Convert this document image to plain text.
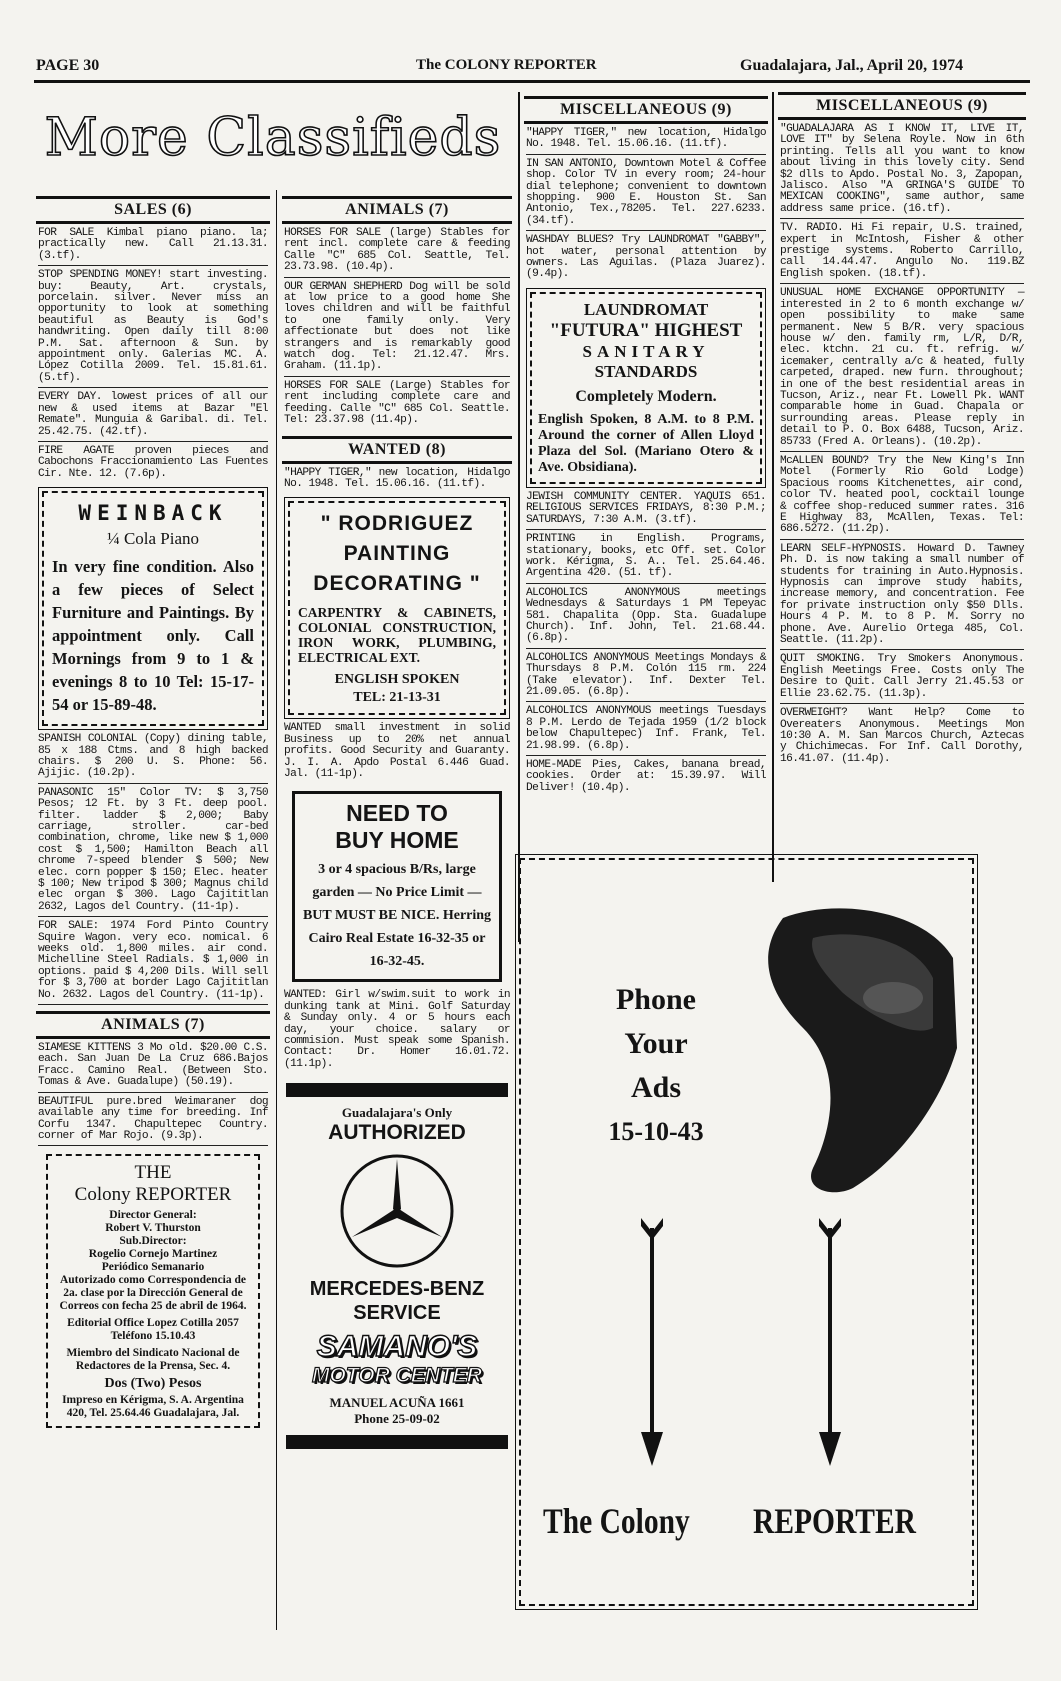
PAGE 30	The COLONY REPORTER	Guadalajara, Jal., April 20, 1974
More Classifieds
SALES (6)
FOR SALE Kimbal piano piano. la; practically new. Call 21.13.31. (3.tf).
STOP SPENDING MONEY! start investing. buy: Beauty, Art. crystals, porcelain. silver. Never miss an opportunity to look at something beautiful as Beauty is God's handwriting. Open daily till 8:00 P.M. Sat. afternoon & Sun. by appointment only. Galerias MC. A. López Cotilla 2009. Tel. 15.81.61. (5.tf).
EVERY DAY. lowest prices of all our new & used items at Bazar "El Remate". Munguia & Garibal. di. Tel. 25.42.75. (42.tf).
FIRE AGATE proven pieces and Cabochons Fraccionamiento Las Fuentes Cir. Nte. 12. (7.6p).
WEINBACK
¼ Cola Piano
In very fine condition. Also a few pieces of Select Furniture and Paintings. By appointment only. Call Mornings from 9 to 1 & evenings 8 to 10 Tel: 15-17-54 or 15-89-48.
SPANISH COLONIAL (Copy) dining table, 85 x 188 Ctms. and 8 high backed chairs. $ 200 U. S. Phone: 56. Ajijic. (10.2p).
PANASONIC 15" Color TV: $ 3,750 Pesos; 12 Ft. by 3 Ft. deep pool. filter. ladder $ 2,000; Baby carriage, stroller. car-bed combination, chrome, like new $ 1,000 cost $ 1,500; Hamilton Beach all chrome 7-speed blender $ 500; New elec. corn popper $ 150; Elec. heater $ 100; New tripod $ 300; Magnus child elec organ $ 300. Lago Cajititlan 2632, Lagos del Country. (11-1p).
FOR SALE: 1974 Ford Pinto Country Squire Wagon. very eco. nomical. 6 weeks old. 1,800 miles. air cond. Michelline Steel Radials. $ 1,000 in options. paid $ 4,200 Dils. Will sell for $ 3,700 at border Lago Cajititlan No. 2632. Lagos del Country. (11-1p).
ANIMALS (7)
SIAMESE KITTENS 3 Mo old. $20.00 C.S. each. San Juan De La Cruz 686.Bajos Fracc. Camino Real. (Between Sto. Tomas & Ave. Guadalupe) (50.19).
BEAUTIFUL pure.bred Weimaraner dog available any time for breeding. Inf Corfu 1347. Chapultepec Country. corner of Mar Rojo. (9.3p).
THE
Colony REPORTER
Director General:
Robert V. Thurston
Sub.Director:
Rogelio Cornejo Martinez
Periódico Semanario
Autorizado como Correspondencia de 2a. clase por la Dirección General de Correos con fecha 25 de abril de 1964.
Editorial Office Lopez Cotilla 2057
Teléfono 15.10.43
Miembro del Sindicato Nacional de Redactores de la Prensa, Sec. 4.
Dos (Two) Pesos
Impreso en Kérigma, S. A. Argentina 420, Tel. 25.64.46 Guadalajara, Jal.
ANIMALS (7)
HORSES FOR SALE (large) Stables for rent incl. complete care & feeding Calle "C" 685 Col. Seattle, Tel. 23.73.98. (10.4p).
OUR GERMAN SHEPHERD Dog will be sold at low price to a good home She loves children and will be faithful to one family only. Very affectionate but does not like strangers and is remarkably good watch dog. Tel: 21.12.47. Mrs. Graham. (11.1p).
HORSES FOR SALE (Large) Stables for rent including complete care and feeding. Calle "C" 685 Col. Seattle. Tel: 23.37.98 (11.4p).
WANTED (8)
"HAPPY TIGER," new location, Hidalgo No. 1948. Tel. 15.06.16. (11.tf).
" RODRIGUEZ
PAINTING
DECORATING "
CARPENTRY & CABINETS, COLONIAL CONSTRUCTION, IRON WORK, PLUMBING, ELECTRICAL EXT.
ENGLISH SPOKEN
TEL: 21-13-31
WANTED small investment in solid Business up to 20% net annual profits. Good Security and Guaranty. J. I. A. Apdo Postal 6.446 Guad. Jal. (11-1p).
NEED TO
BUY HOME
3 or 4 spacious B/Rs, large garden — No Price Limit — BUT MUST BE NICE. Herring Cairo Real Estate 16-32-35 or 16-32-45.
WANTED: Girl w/swim.suit to work in dunking tank at Mini. Golf Saturday & Sunday only. 4 or 5 hours each day, your choice. salary or commision. Must speak some Spanish. Contact: Dr. Homer 16.01.72. (11.1p).
Guadalajara's Only
AUTHORIZED
MERCEDES-BENZ
SERVICE
SAMANO'S
MOTOR CENTER
MANUEL ACUÑA 1661
Phone 25-09-02
MISCELLANEOUS (9)
"HAPPY TIGER," new location, Hidalgo No. 1948. Tel. 15.06.16. (11.tf).
IN SAN ANTONIO, Downtown Motel & Coffee shop. Color TV in every room; 24-hour dial telephone; convenient to downtown shopping. 900 E. Houston St. San Antonio, Tex.,78205. Tel. 227.6233. (34.tf).
WASHDAY BLUES? Try LAUNDROMAT "GABBY", hot water, personal attention by owners. Las Aguilas. (Plaza Juarez). (9.4p).
LAUNDROMAT
"FUTURA" HIGHEST
SANITARY
STANDARDS
Completely Modern.
English Spoken, 8 A.M. to 8 P.M. Around the corner of Allen Lloyd Plaza del Sol. (Mariano Otero & Ave. Obsidiana).
JEWISH COMMUNITY CENTER. YAQUIS 651. RELIGIOUS SERVICES FRIDAYS, 8:30 P.M.; SATURDAYS, 7:30 A.M. (3.tf).
PRINTING in English. Programs, stationary, books, etc Off. set. Color work. Kérigma, S. A.. Tel. 25.64.46. Argentina 420. (51. tf).
ALCOHOLICS ANONYMOUS meetings Wednesdays & Saturdays 1 PM Tepeyac 581. Chapalita (Opp. Sta. Guadalupe Church). Inf. John, Tel. 21.68.44. (6.8p).
ALCOHOLICS ANONYMOUS Meetings Mondays & Thursdays 8 P.M. Colón 115 rm. 224 (Take elevator). Inf. Dexter Tel. 21.09.05. (6.8p).
ALCOHOLICS ANONYMOUS meetings Tuesdays 8 P.M. Lerdo de Tejada 1959 (1/2 block below Chapultepec) Inf. Frank, Tel. 21.98.99. (6.8p).
HOME-MADE Pies, Cakes, banana bread, cookies. Order at: 15.39.97. Will Deliver! (10.4p).
MISCELLANEOUS (9)
"GUADALAJARA AS I KNOW IT, LIVE IT, LOVE IT" by Selena Royle. Now in 6th printing. Tells all you want to know about living in this lovely city. Send $2 dlls to Apdo. Postal No. 3, Zapopan, Jalisco. Also "A GRINGA'S GUIDE TO MEXICAN COOKING", same author, same address same price. (16.tf).
TV. RADIO. Hi Fi repair, U.S. trained, expert in McIntosh, Fisher & other prestige systems. Roberto Carrillo, call 14.44.47. Angulo No. 119.BZ English spoken. (18.tf).
UNUSUAL HOME EXCHANGE OPPORTUNITY — interested in 2 to 6 month exchange w/ open possibility to make same permanent. New 5 B/R. very spacious house w/ den. family rm, L/R, D/R, elec. ktchn. 21 cu. ft. refrig. w/ icemaker, centrally a/c & heated, fully carpeted, draped. new furn. throughout; in one of the best residential areas in Tucson, Ariz., near Ft. Lowell Pk. WANT comparable home in Guad. Chapala or surrounding areas. Please reply in detail to P. O. Box 6488, Tucson, Ariz. 85733 (Fred A. Orleans). (10.2p).
McALLEN BOUND? Try the New King's Inn Motel (Formerly Rio Gold Lodge) Spacious rooms Kitchenettes, air cond, color TV. heated pool, cocktail lounge & coffee shop-reduced summer rates. 316 E Highway 83, McAllen, Texas. Tel: 686.5272. (11.2p).
LEARN SELF-HYPNOSIS. Howard D. Tawney Ph. D. is now taking a small number of students for training in Auto.Hypnosis. Hypnosis can improve study habits, increase memory, and concentration. Fee for private instruction only $50 Dlls. Hours 4 P. M. to 8 P. M. Sorry no phone. Ave. Aurelio Ortega 485, Col. Seattle. (11.2p).
QUIT SMOKING. Try Smokers Anonymous. English Meetings Free. Costs only The Desire to Quit. Call Jerry 21.45.53 or Ellie 23.62.75. (11.3p).
OVERWEIGHT? Want Help? Come to Overeaters Anonymous. Meetings Mon 10:30 A. M. San Marcos Church, Aztecas y Chichimecas. For Inf. Call Dorothy, 16.41.07. (11.4p).
Phone
Your
Ads
15-10-43
The Colony REPORTER
